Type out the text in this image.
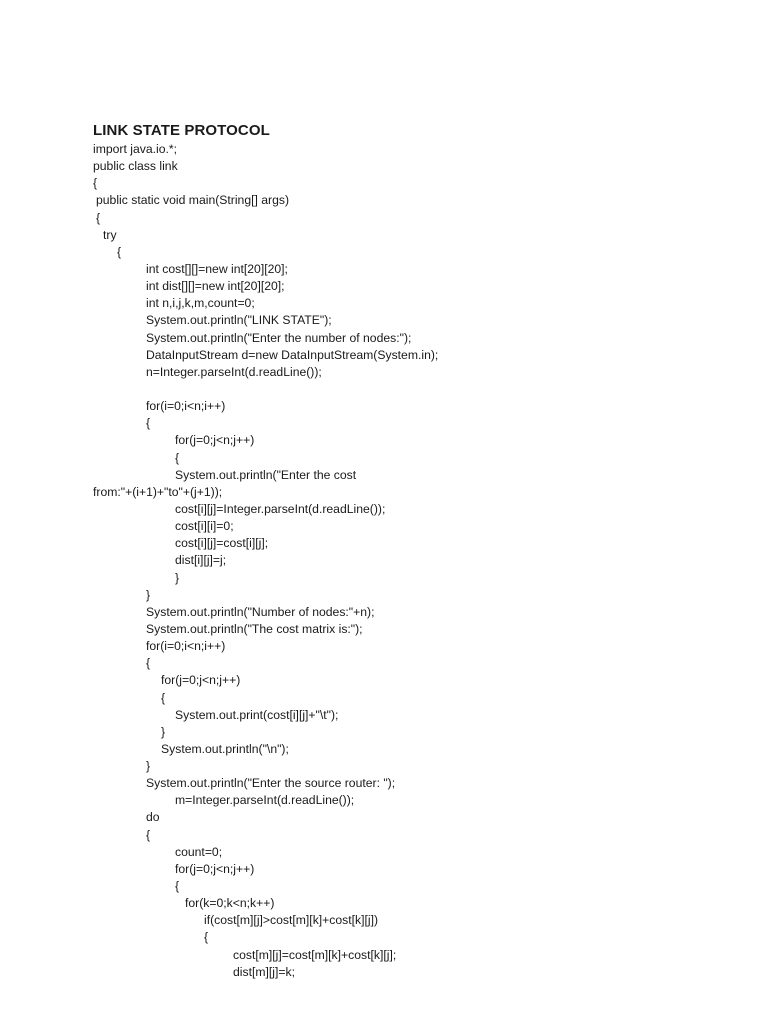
LINK STATE PROTOCOL
import java.io.*;
public class link
{
public static void main(String[] args)
{
try
{
int cost[][]=new int[20][20];
int dist[][]=new int[20][20];
int n,i,j,k,m,count=0;
System.out.println("LINK STATE");
System.out.println("Enter the number of nodes:");
DataInputStream d=new DataInputStream(System.in);
n=Integer.parseInt(d.readLine());
for(i=0;i<n;i++)
{
for(j=0;j<n;j++)
{
System.out.println("Enter the cost
from:"+(i+1)+"to"+(j+1));
cost[i][j]=Integer.parseInt(d.readLine());
cost[i][i]=0;
cost[i][j]=cost[i][j];
dist[i][j]=j;
}
}
System.out.println("Number of nodes:"+n);
System.out.println("The cost matrix is:");
for(i=0;i<n;i++)
{
for(j=0;j<n;j++)
{
System.out.print(cost[i][j]+"\t");
}
System.out.println("\n");
}
System.out.println("Enter the source router: ");
m=Integer.parseInt(d.readLine());
do
{
count=0;
for(j=0;j<n;j++)
{
for(k=0;k<n;k++)
if(cost[m][j]>cost[m][k]+cost[k][j])
{
cost[m][j]=cost[m][k]+cost[k][j];
dist[m][j]=k;
